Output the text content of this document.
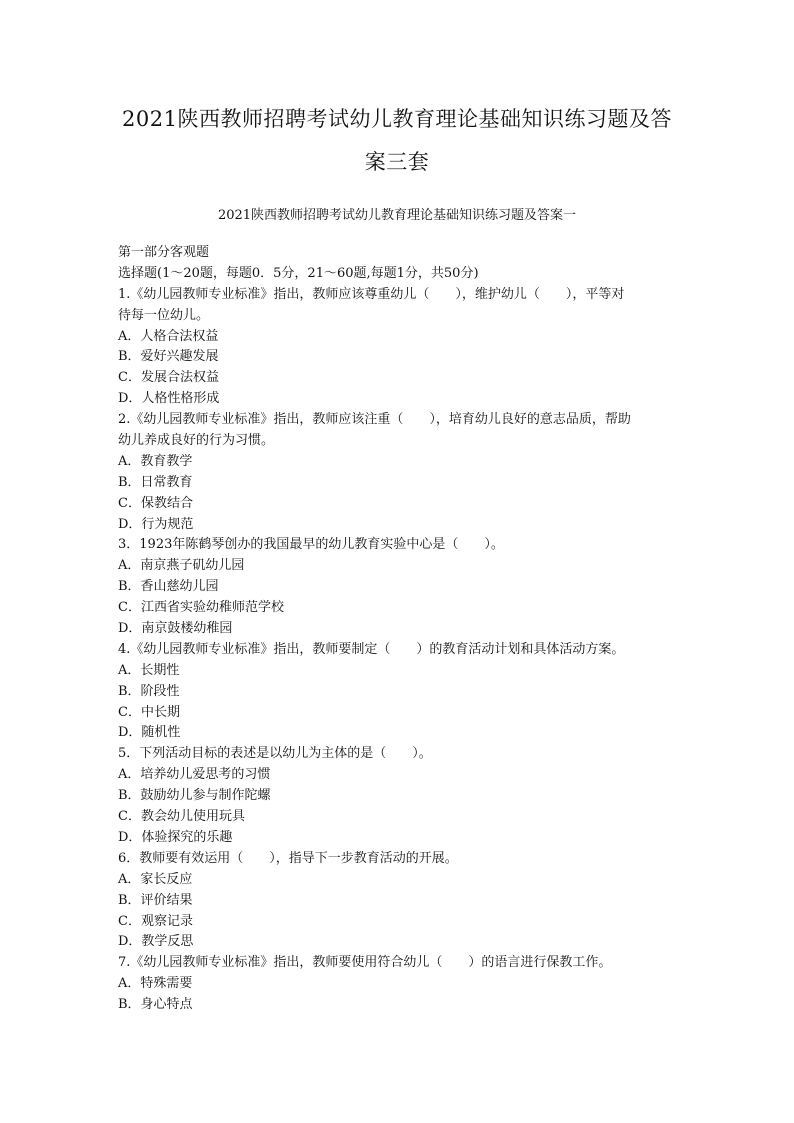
2021陕西教师招聘考试幼儿教育理论基础知识练习题及答
案三套
2021陕西教师招聘考试幼儿教育理论基础知识练习题及答案一
第一部分客观题
选择题(1～20题，每题0．5分，21～60题,每题1分，共50分)
1.《幼儿园教师专业标准》指出，教师应该尊重幼儿（　　），维护幼儿（　　），平等对
待每一位幼儿。
A．人格合法权益
B．爱好兴趣发展
C．发展合法权益
D．人格性格形成
2.《幼儿园教师专业标准》指出，教师应该注重（　　），培育幼儿良好的意志品质，帮助
幼儿养成良好的行为习惯。
A．教育教学
B．日常教育
C．保教结合
D．行为规范
3．1923年陈鹤琴创办的我国最早的幼儿教育实验中心是（　　）。
A．南京燕子矶幼儿园
B．香山慈幼儿园
C．江西省实验幼稚师范学校
D．南京鼓楼幼稚园
4.《幼儿园教师专业标准》指出，教师要制定（　　）的教育活动计划和具体活动方案。
A．长期性
B．阶段性
C．中长期
D．随机性
5．下列活动目标的表述是以幼儿为主体的是（　　）。
A．培养幼儿爱思考的习惯
B．鼓励幼儿参与制作陀螺
C．教会幼儿使用玩具
D．体验探究的乐趣
6．教师要有效运用（　　），指导下一步教育活动的开展。
A．家长反应
B．评价结果
C．观察记录
D．教学反思
7.《幼儿园教师专业标准》指出，教师要使用符合幼儿（　　）的语言进行保教工作。
A．特殊需要
B．身心特点
